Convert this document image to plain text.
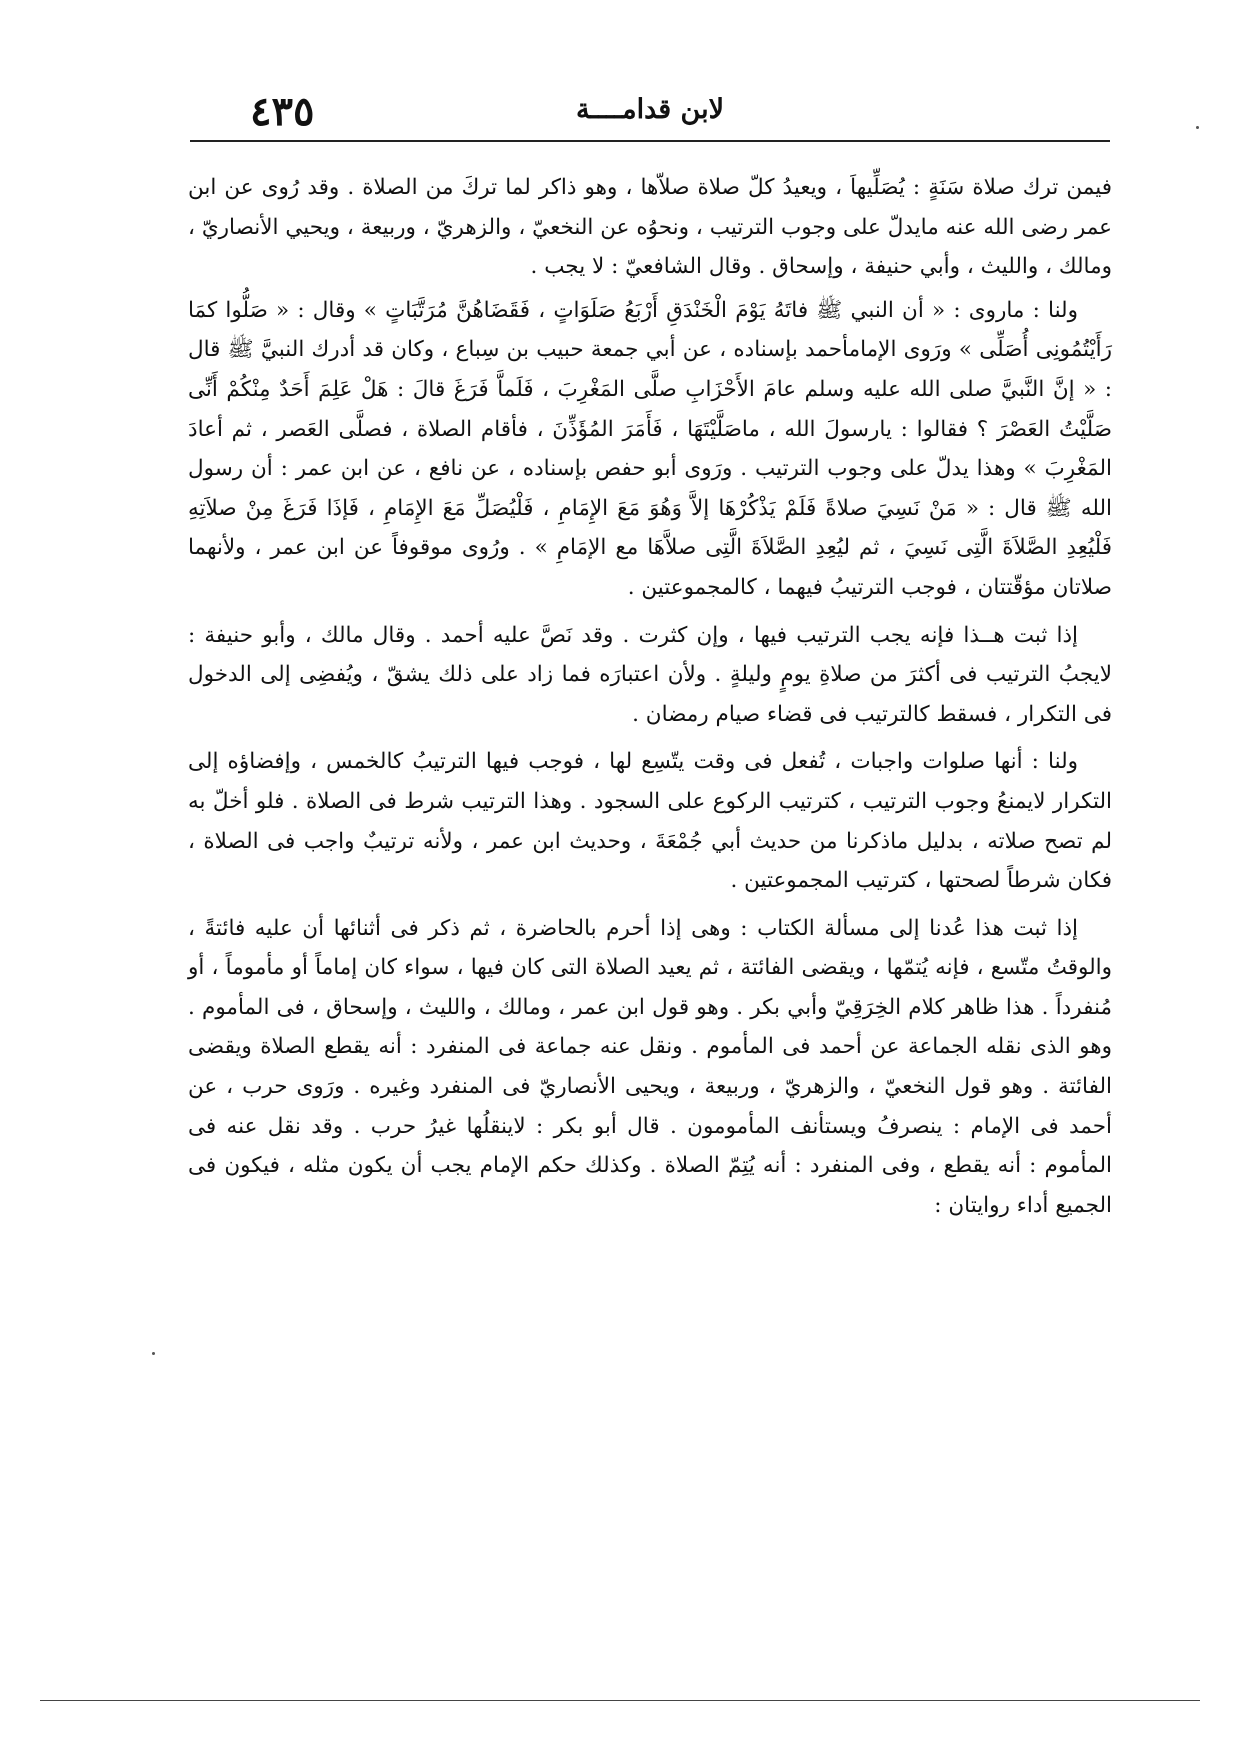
٤٣٥	لابن قدامــــة

فيمن ترك صلاة سَنَةٍ : يُصَلِّيهاَ ، ويعيدُ كلّ صلاة صلاّها ، وهو ذاكر لما تركَ من الصلاة . وقد رُوى عن ابن عمر رضى الله عنه مايدلّ على وجوب الترتيب ، ونحوُه عن النخعيّ ، والزهريّ ، وربيعة ، ويحيي الأنصاريّ ، ومالك ، والليث ، وأبي حنيفة ، وإسحاق . وقال الشافعيّ : لا يجب .

ولنا : ماروى : « أن النبي ﷺ فاتَهُ يَوْمَ الْخَنْدَقِ أَرْبَعُ صَلَوَاتٍ ، فَقَضَاهُنَّ مُرَتَّبَاتٍ » وقال : « صَلُّوا كمَا رَأَيْتُمُونِى أُصَلِّى » ورَوى الإمامأحمد بإسناده ، عن أبي جمعة حبيب بن سِباع ، وكان قد أدرك النبيَّ ﷺ قال : « إنَّ النَّبيَّ صلى الله عليه وسلم عامَ الأَحْزَابِ صلَّى المَغْرِبَ ، فَلَماَّ فَرَغَ قالَ : هَلْ عَلِمَ أَحَدٌ مِنْكُمْ أَنِّى صَلَّيْتُ العَصْرَ ؟ فقالوا : يارسولَ الله ، ماصَلَّيْتَهَا ، فَأَمَرَ المُؤَذِّنَ ، فأقام الصلاة ، فصلَّى العَصر ، ثم أعادَ المَغْرِبَ » وهذا يدلّ على وجوب الترتيب . ورَوى أبو حفص بإسناده ، عن نافع ، عن ابن عمر : أن رسول الله ﷺ قال : « مَنْ نَسِيَ صلاةً فَلَمْ يَذْكُرْهَا إلاَّ وَهُوَ مَعَ الإِمَامِ ، فَلْيُصَلِّ مَعَ الإِمَامِ ، فَإذَا فَرَغَ مِنْ صلاَتِهِ فَلْيُعِدِ الصَّلاَةَ الَّتِى نَسِيَ ، ثم ليُعِدِ الصَّلاَةَ الَّتِى صلاَّهَا مع الإمَامِ » . ورُوى موقوفاً عن ابن عمر ، ولأنهما صلاتان مؤقّتتان ، فوجب الترتيبُ فيهما ، كالمجموعتين .

إذا ثبت هــذا فإنه يجب الترتيب فيها ، وإن كثرت . وقد نَصَّ عليه أحمد . وقال مالك ، وأبو حنيفة : لايجبُ الترتيب فى أكثرَ من صلاةِ يومٍ وليلةٍ . ولأن اعتبارَه فما زاد على ذلك يشقّ ، ويُفضِى إلى الدخول فى التكرار ، فسقط كالترتيب فى قضاء صيام رمضان .

ولنا : أنها صلوات واجبات ، تُفعل فى وقت يتّسِع لها ، فوجب فيها الترتيبُ كالخمس ، وإفضاؤه إلى التكرار لايمنعُ وجوب الترتيب ، كترتيب الركوع على السجود . وهذا الترتيب شرط فى الصلاة . فلو أخلّ به لم تصح صلاته ، بدليل ماذكرنا من حديث أبي جُمْعَةَ ، وحديث ابن عمر ، ولأنه ترتيبٌ واجب فى الصلاة ، فكان شرطاً لصحتها ، كترتيب المجموعتين .

إذا ثبت هذا عُدنا إلى مسألة الكتاب : وهى إذا أحرم بالحاضرة ، ثم ذكر فى أثنائها أن عليه فائتةً ، والوقتُ متّسع ، فإنه يُتمّها ، ويقضى الفائتة ، ثم يعيد الصلاة التى كان فيها ، سواء كان إماماً أو مأموماً ، أو مُنفرداً . هذا ظاهر كلام الخِرَقِيّ وأبي بكر . وهو قول ابن عمر ، ومالك ، والليث ، وإسحاق ، فى المأموم . وهو الذى نقله الجماعة عن أحمد فى المأموم . ونقل عنه جماعة فى المنفرد : أنه يقطع الصلاة ويقضى الفائتة . وهو قول النخعيّ ، والزهريّ ، وربيعة ، ويحيى الأنصاريّ فى المنفرد وغيره . ورَوى حرب ، عن أحمد فى الإمام : ينصرفُ ويستأنف المأمومون . قال أبو بكر : لاينقلُها غيرُ حرب . وقد نقل عنه فى المأموم : أنه يقطع ، وفى المنفرد : أنه يُتِمّ الصلاة . وكذلك حكم الإمام يجب أن يكون مثله ، فيكون فى الجميع أداء روايتان :
